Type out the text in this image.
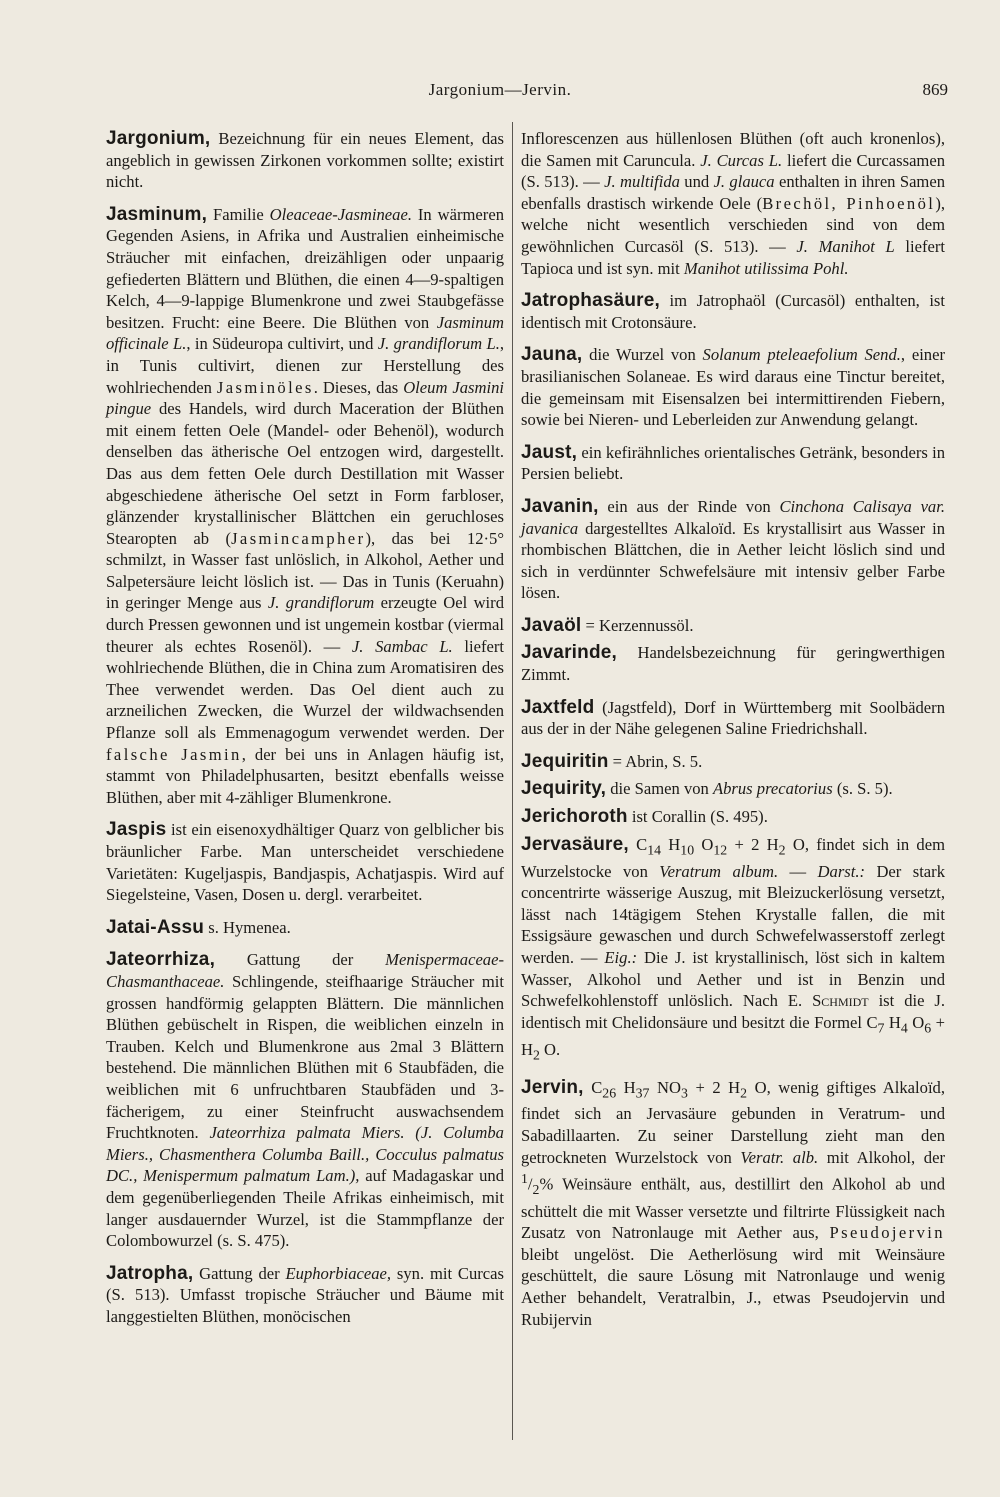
Jargonium—Jervin.	869

Jargonium, Bezeichnung für ein neues Element, das angeblich in gewissen Zirkonen vorkommen sollte; existirt nicht.

Jasminum, Familie Oleaceae-Jasmineae. In wärmeren Gegenden Asiens, in Afrika und Australien einheimische Sträucher mit einfachen, dreizähligen oder unpaarig gefiederten Blättern und Blüthen, die einen 4—9-spaltigen Kelch, 4—9-lappige Blumenkrone und zwei Staubgefässe besitzen. Frucht: eine Beere. Die Blüthen von Jasminum officinale L., in Südeuropa cultivirt, und J. grandiflorum L., in Tunis cultivirt, dienen zur Herstellung des wohlriechenden Jasminöles. Dieses, das Oleum Jasmini pingue des Handels, wird durch Maceration der Blüthen mit einem fetten Oele (Mandel- oder Behenöl), wodurch denselben das ätherische Oel entzogen wird, dargestellt. Das aus dem fetten Oele durch Destillation mit Wasser abgeschiedene ätherische Oel setzt in Form farbloser, glänzender krystallinischer Blättchen ein geruchloses Stearopten ab (Jasmincampher), das bei 12·5° schmilzt, in Wasser fast unlöslich, in Alkohol, Aether und Salpetersäure leicht löslich ist. — Das in Tunis (Keruahn) in geringer Menge aus J. grandiflorum erzeugte Oel wird durch Pressen gewonnen und ist ungemein kostbar (viermal theurer als echtes Rosenöl). — J. Sambac L. liefert wohlriechende Blüthen, die in China zum Aromatisiren des Thee verwendet werden. Das Oel dient auch zu arzneilichen Zwecken, die Wurzel der wildwachsenden Pflanze soll als Emmenagogum verwendet werden. Der falsche Jasmin, der bei uns in Anlagen häufig ist, stammt von Philadelphusarten, besitzt ebenfalls weisse Blüthen, aber mit 4-zähliger Blumenkrone.

Jaspis ist ein eisenoxydhältiger Quarz von gelblicher bis bräunlicher Farbe. Man unterscheidet verschiedene Varietäten: Kugeljaspis, Bandjaspis, Achatjaspis. Wird auf Siegelsteine, Vasen, Dosen u. dergl. verarbeitet.

Jatai-Assu s. Hymenea.

Jateorrhiza, Gattung der Menispermaceae-Chasmanthaceae. Schlingende, steifhaarige Sträucher mit grossen handförmig gelappten Blättern. Die männlichen Blüthen gebüschelt in Rispen, die weiblichen einzeln in Trauben. Kelch und Blumenkrone aus 2mal 3 Blättern bestehend. Die männlichen Blüthen mit 6 Staubfäden, die weiblichen mit 6 unfruchtbaren Staubfäden und 3-fächerigem, zu einer Steinfrucht auswachsendem Fruchtknoten. Jateorrhiza palmata Miers. (J. Columba Miers., Chasmenthera Columba Baill., Cocculus palmatus DC., Menispermum palmatum Lam.), auf Madagaskar und dem gegenüberliegenden Theile Afrikas einheimisch, mit langer ausdauernder Wurzel, ist die Stammpflanze der Colombowurzel (s. S. 475).

Jatropha, Gattung der Euphorbiaceae, syn. mit Curcas (S. 513). Umfasst tropische Sträucher und Bäume mit langgestielten Blüthen, monöcischen

Inflorescenzen aus hüllenlosen Blüthen (oft auch kronenlos), die Samen mit Caruncula. J. Curcas L. liefert die Curcassamen (S. 513). — J. multifida und J. glauca enthalten in ihren Samen ebenfalls drastisch wirkende Oele (Brechöl, Pinhoenöl), welche nicht wesentlich verschieden sind von dem gewöhnlichen Curcasöl (S. 513). — J. Manihot L liefert Tapioca und ist syn. mit Manihot utilissima Pohl.

Jatrophasäure, im Jatrophaöl (Curcasöl) enthalten, ist identisch mit Crotonsäure.

Jauna, die Wurzel von Solanum pteleaefolium Send., einer brasilianischen Solaneae. Es wird daraus eine Tinctur bereitet, die gemeinsam mit Eisensalzen bei intermittirenden Fiebern, sowie bei Nieren- und Leberleiden zur Anwendung gelangt.

Jaust, ein kefirähnliches orientalisches Getränk, besonders in Persien beliebt.

Javanin, ein aus der Rinde von Cinchona Calisaya var. javanica dargestelltes Alkaloïd. Es krystallisirt aus Wasser in rhombischen Blättchen, die in Aether leicht löslich sind und sich in verdünnter Schwefelsäure mit intensiv gelber Farbe lösen.

Javaöl = Kerzennussöl.

Javarinde, Handelsbezeichnung für geringwerthigen Zimmt.

Jaxtfeld (Jagstfeld), Dorf in Württemberg mit Soolbädern aus der in der Nähe gelegenen Saline Friedrichshall.

Jequiritin = Abrin, S. 5.

Jequirity, die Samen von Abrus precatorius (s. S. 5).

Jerichoroth ist Corallin (S. 495).

Jervasäure, $C_{14}$ $H_{10}$ $O_{12} + 2$ $H_2$ O, findet sich in dem Wurzelstocke von Veratrum album. — Darst.: Der stark concentrirte wässerige Auszug, mit Bleizuckerlösung versetzt, lässt nach 14tägigem Stehen Krystalle fallen, die mit Essigsäure gewaschen und durch Schwefelwasserstoff zerlegt werden. — Eig.: Die J. ist krystallinisch, löst sich in kaltem Wasser, Alkohol und Aether und ist in Benzin und Schwefelkohlenstoff unlöslich. Nach E. Schmidt ist die J. identisch mit Chelidonsäure und besitzt die Formel $C_7$ $H_4$ $O_6 + H_2$ O.

Jervin, $C_{26}$ $H_{37}$ $NO_3 + 2$ $H_2$ O, wenig giftiges Alkaloïd, findet sich an Jervasäure gebunden in Veratrum- und Sabadillaarten. Zu seiner Darstellung zieht man den getrockneten Wurzelstock von Veratr. alb. mit Alkohol, der $^1/_2\%$ Weinsäure enthält, aus, destillirt den Alkohol ab und schüttelt die mit Wasser versetzte und filtrirte Flüssigkeit nach Zusatz von Natronlauge mit Aether aus, Pseudojervin bleibt ungelöst. Die Aetherlösung wird mit Weinsäure geschüttelt, die saure Lösung mit Natronlauge und wenig Aether behandelt, Veratralbin, J., etwas Pseudojervin und Rubijervin
